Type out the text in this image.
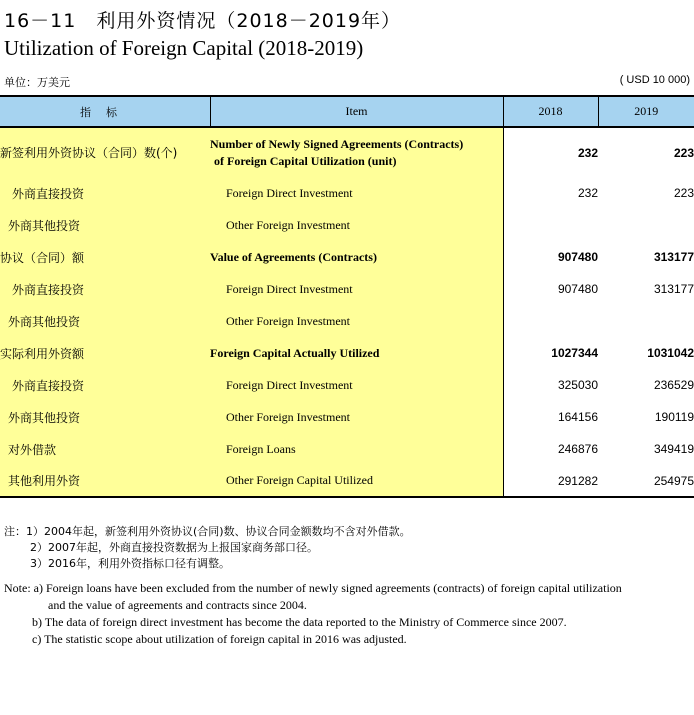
16－11　利用外资情况（2018－2019年）
Utilization of Foreign Capital (2018-2019)
单位：万美元	( USD 10 000)
指　标	Item	2018	2019
新签利用外资协议（合同）数(个)	Number of Newly Signed Agreements (Contracts)
of Foreign Capital Utilization (unit)	232	223
外商直接投资	Foreign Direct Investment	232	223
外商其他投资	Other Foreign Investment		
协议（合同）额	Value of Agreements (Contracts)	907480	313177
外商直接投资	Foreign Direct Investment	907480	313177
外商其他投资	Other Foreign Investment		
实际利用外资额	Foreign Capital Actually Utilized	1027344	1031042
外商直接投资	Foreign Direct Investment	325030	236529
外商其他投资	Other Foreign Investment	164156	190119
对外借款	Foreign Loans	246876	349419
其他利用外资	Other Foreign Capital Utilized	291282	254975
注：1）2004年起，新签利用外资协议(合同)数、协议合同金额数均不含对外借款。
2）2007年起，外商直接投资数据为上报国家商务部口径。
3）2016年，利用外资指标口径有调整。
Note: a) Foreign loans have been excluded from the number of newly signed agreements (contracts) of foreign capital utilization
and the value of agreements and contracts since 2004.
b) The data of foreign direct investment has become the data reported to the Ministry of Commerce since 2007.
c) The statistic scope about utilization of foreign capital in 2016 was adjusted.
